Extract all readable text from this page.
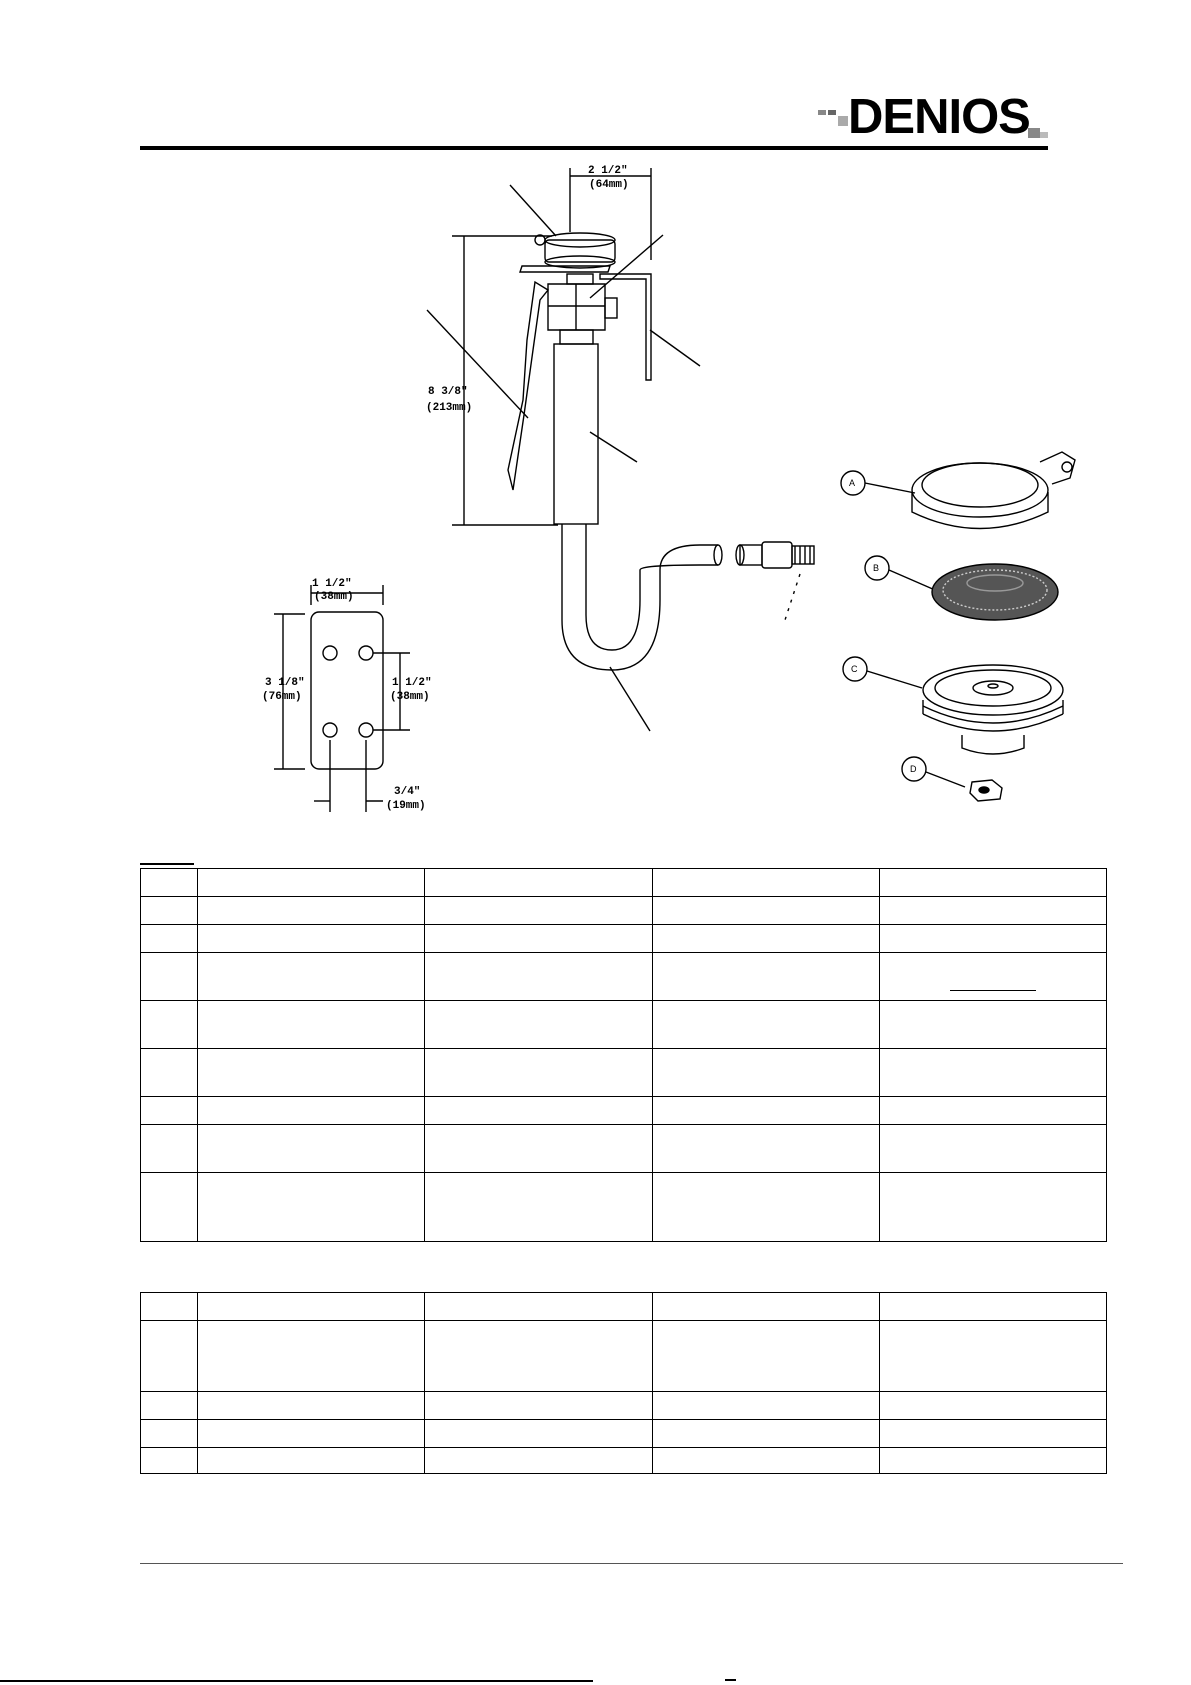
DENIOS
2 1/2"
(64mm)
8 3/8"
(213mm)
1 1/2"
(38mm)
3 1/8"
(76mm)
1 1/2"
(38mm)
3/4"
(19mm)
A
B
C
D
